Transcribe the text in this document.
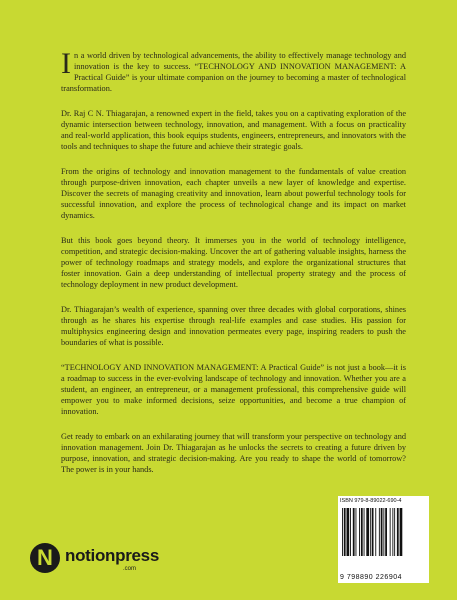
In a world driven by technological advancements, the ability to effectively manage technology and innovation is the key to success. “TECHNOLOGY AND INNOVATION MANAGEMENT: A Practical Guide” is your ultimate companion on the journey to becoming a master of technological transformation.

Dr. Raj C N. Thiagarajan, a renowned expert in the field, takes you on a captivating exploration of the dynamic intersection between technology, innovation, and management. With a focus on practicality and real-world application, this book equips students, engineers, entrepreneurs, and innovators with the tools and techniques to shape the future and achieve their strategic goals.

From the origins of technology and innovation management to the fundamentals of value creation through purpose-driven innovation, each chapter unveils a new layer of knowledge and expertise. Discover the secrets of managing creativity and innovation, learn about powerful technology tools for successful innovation, and explore the process of technological change and its impact on market dynamics.

But this book goes beyond theory. It immerses you in the world of technology intelligence, competition, and strategic decision-making. Uncover the art of gathering valuable insights, harness the power of technology roadmaps and strategy models, and explore the organizational structures that foster innovation. Gain a deep understanding of intellectual property strategy and the process of technology deployment in new product development.

Dr. Thiagarajan’s wealth of experience, spanning over three decades with global corporations, shines through as he shares his expertise through real-life examples and case studies. His passion for multiphysics engineering design and innovation permeates every page, inspiring readers to push the boundaries of what is possible.

“TECHNOLOGY AND INNOVATION MANAGEMENT: A Practical Guide” is not just a book—it is a roadmap to success in the ever-evolving landscape of technology and innovation. Whether you are a student, an engineer, an entrepreneur, or a management professional, this comprehensive guide will empower you to make informed decisions, seize opportunities, and become a true champion of innovation.

Get ready to embark on an exhilarating journey that will transform your perspective on technology and innovation management. Join Dr. Thiagarajan as he unlocks the secrets to creating a future driven by purpose, innovation, and strategic decision-making. Are you ready to shape the world of tomorrow? The power is in your hands.

N notionpress
.com
ISBN 979-8-89022-690-4
9 798890 226904
